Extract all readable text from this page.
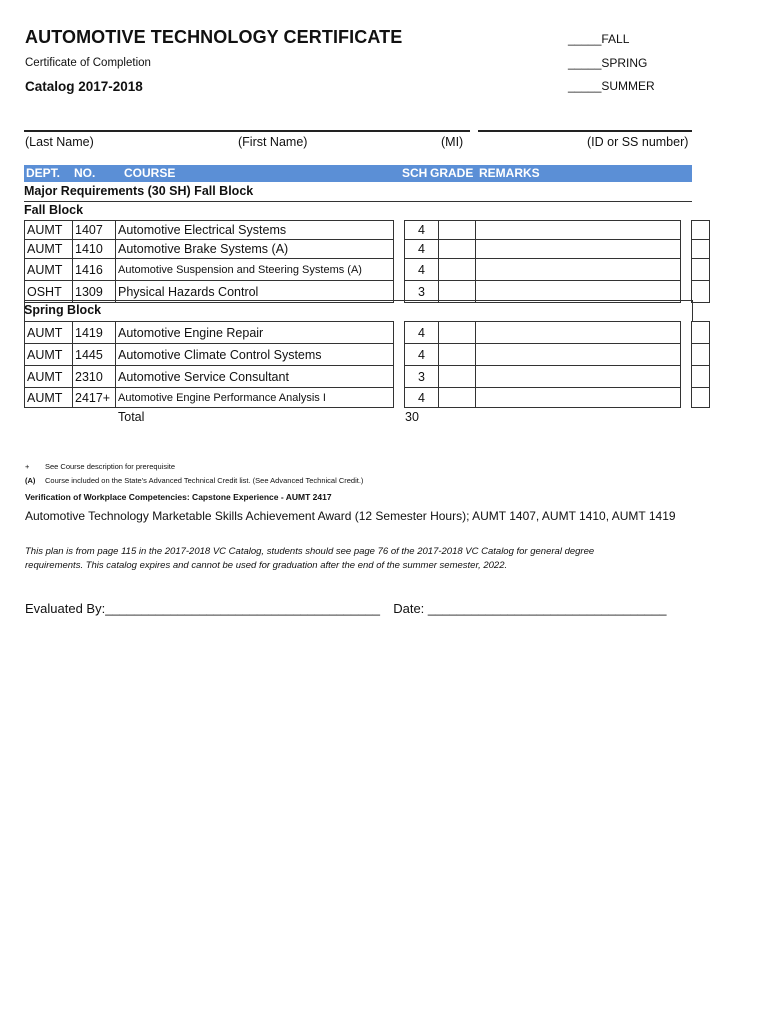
AUTOMOTIVE TECHNOLOGY CERTIFICATE
Certificate of Completion
Catalog 2017-2018
_____FALL
_____SPRING
_____SUMMER
(Last Name)	(First Name)	(MI)	(ID or SS number)
DEPT. NO. COURSE	SCH GRADE REMARKS
Major Requirements (30 SH) Fall Block
Fall Block
AUMT	1407	Automotive Electrical Systems		4				
AUMT	1410	Automotive Brake Systems (A)		4				
AUMT	1416	Automotive Suspension and Steering Systems (A)		4				
OSHT	1309	Physical Hazards Control		3				
Spring Block
AUMT	1419	Automotive Engine Repair		4				
AUMT	1445	Automotive Climate Control Systems		4				
AUMT	2310	Automotive Service Consultant		3				
AUMT	2417+	Automotive Engine Performance Analysis I		4				
Total	30
+ See Course description for prerequisite
(A) Course included on the State's Advanced Technical Credit list. (See Advanced Technical Credit.)
Verification of Workplace Competencies: Capstone Experience - AUMT 2417
Automotive Technology Marketable Skills Achievement Award (12 Semester Hours); AUMT 1407, AUMT 1410, AUMT 1419
This plan is from page 115 in the 2017-2018 VC Catalog, students should see page 76 of the 2017-2018 VC Catalog for general degree
requirements. This catalog expires and cannot be used for graduation after the end of the summer semester, 2022.
Evaluated By:______________________________________ Date: _________________________________
